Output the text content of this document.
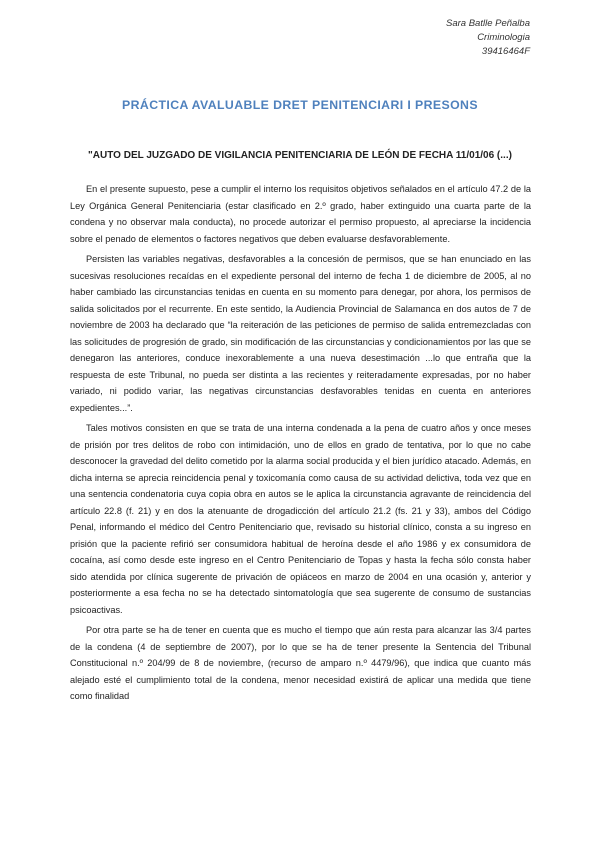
Sara Batlle Peñalba
Criminologia
39416464F
PRÁCTICA AVALUABLE DRET PENITENCIARI I PRESONS
"AUTO DEL JUZGADO DE VIGILANCIA PENITENCIARIA DE LEÓN DE FECHA 11/01/06 (...)

En el presente supuesto, pese a cumplir el interno los requisitos objetivos señalados en el artículo 47.2 de la Ley Orgánica General Penitenciaria (estar clasificado en 2.º grado, haber extinguido una cuarta parte de la condena y no observar mala conducta), no procede autorizar el permiso propuesto, al apreciarse la incidencia sobre el penado de elementos o factores negativos que deben evaluarse desfavorablemente.

Persisten las variables negativas, desfavorables a la concesión de permisos, que se han enunciado en las sucesivas resoluciones recaídas en el expediente personal del interno de fecha 1 de diciembre de 2005, al no haber cambiado las circunstancias tenidas en cuenta en su momento para denegar, por ahora, los permisos de salida solicitados por el recurrente. En este sentido, la Audiencia Provincial de Salamanca en dos autos de 7 de noviembre de 2003 ha declarado que “la reiteración de las peticiones de permiso de salida entremezcladas con las solicitudes de progresión de grado, sin modificación de las circunstancias y condicionamientos por las que se denegaron las anteriores, conduce inexorablemente a una nueva desestimación ...lo que entraña que la respuesta de este Tribunal, no pueda ser distinta a las recientes y reiteradamente expresadas, por no haber variado, ni podido variar, las negativas circunstancias desfavorables tenidas en cuenta en anteriores expedientes...”.

Tales motivos consisten en que se trata de una interna condenada a la pena de cuatro años y once meses de prisión por tres delitos de robo con intimidación, uno de ellos en grado de tentativa, por lo que no cabe desconocer la gravedad del delito cometido por la alarma social producida y el bien jurídico atacado. Además, en dicha interna se aprecia reincidencia penal y toxicomanía como causa de su actividad delictiva, toda vez que en una sentencia condenatoria cuya copia obra en autos se le aplica la circunstancia agravante de reincidencia del artículo 22.8 (f. 21) y en dos la atenuante de drogadicción del artículo 21.2 (fs. 21 y 33), ambos del Código Penal, informando el médico del Centro Penitenciario que, revisado su historial clínico, consta a su ingreso en prisión que la paciente refirió ser consumidora habitual de heroína desde el año 1986 y ex consumidora de cocaína, así como desde este ingreso en el Centro Penitenciario de Topas y hasta la fecha sólo consta haber sido atendida por clínica sugerente de privación de opiáceos en marzo de 2004 en una ocasión y, anterior y posteriormente a esa fecha no se ha detectado sintomatología que sea sugerente de consumo de sustancias psicoactivas.

Por otra parte se ha de tener en cuenta que es mucho el tiempo que aún resta para alcanzar las 3/4 partes de la condena (4 de septiembre de 2007), por lo que se ha de tener presente la Sentencia del Tribunal Constitucional n.º 204/99 de 8 de noviembre, (recurso de amparo n.º 4479/96), que indica que cuanto más alejado esté el cumplimiento total de la condena, menor necesidad existirá de aplicar una medida que tiene como finalidad
